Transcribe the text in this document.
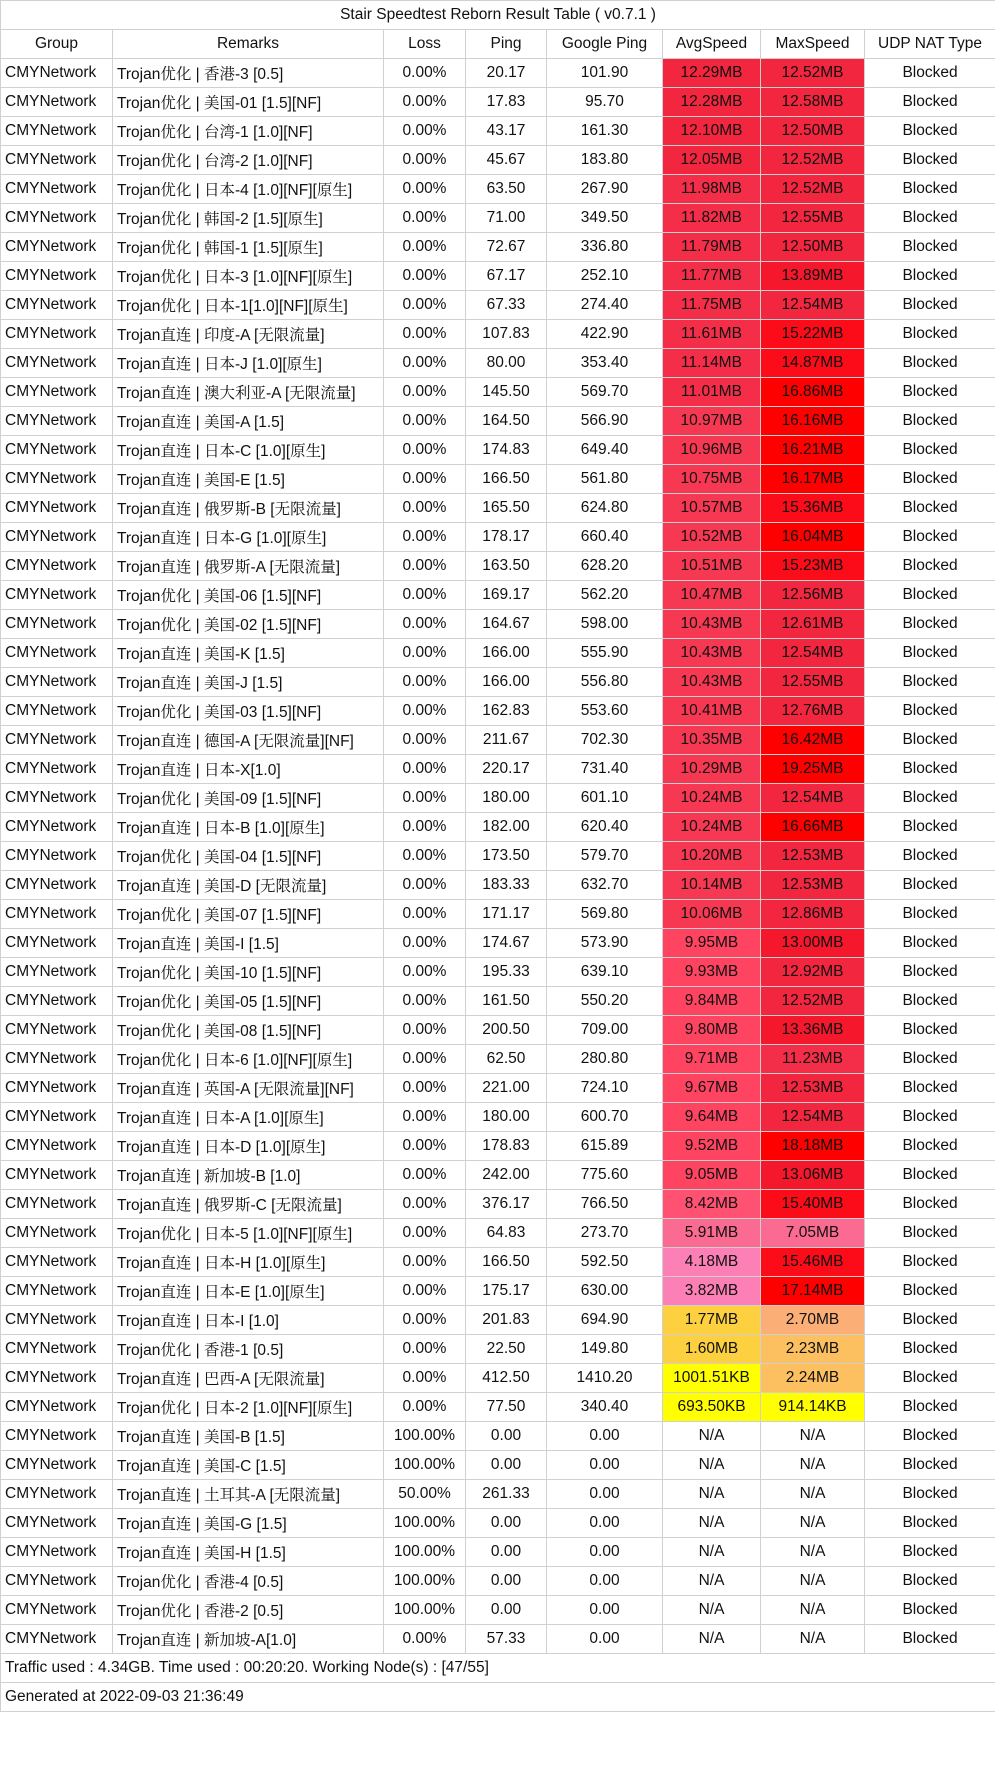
Stair Speedtest Reborn Result Table ( v0.7.1 )							
Group	Remarks	Loss	Ping	Google Ping	AvgSpeed	MaxSpeed	UDP NAT Type
CMYNetwork	Trojan优化 | 香港-3 [0.5]	0.00%	20.17	101.90	12.29MB	12.52MB	Blocked
CMYNetwork	Trojan优化 | 美国-01 [1.5][NF]	0.00%	17.83	95.70	12.28MB	12.58MB	Blocked
CMYNetwork	Trojan优化 | 台湾-1 [1.0][NF]	0.00%	43.17	161.30	12.10MB	12.50MB	Blocked
CMYNetwork	Trojan优化 | 台湾-2 [1.0][NF]	0.00%	45.67	183.80	12.05MB	12.52MB	Blocked
CMYNetwork	Trojan优化 | 日本-4 [1.0][NF][原生]	0.00%	63.50	267.90	11.98MB	12.52MB	Blocked
CMYNetwork	Trojan优化 | 韩国-2 [1.5][原生]	0.00%	71.00	349.50	11.82MB	12.55MB	Blocked
CMYNetwork	Trojan优化 | 韩国-1 [1.5][原生]	0.00%	72.67	336.80	11.79MB	12.50MB	Blocked
CMYNetwork	Trojan优化 | 日本-3 [1.0][NF][原生]	0.00%	67.17	252.10	11.77MB	13.89MB	Blocked
CMYNetwork	Trojan优化 | 日本-1[1.0][NF][原生]	0.00%	67.33	274.40	11.75MB	12.54MB	Blocked
CMYNetwork	Trojan直连 | 印度-A [无限流量]	0.00%	107.83	422.90	11.61MB	15.22MB	Blocked
CMYNetwork	Trojan直连 | 日本-J [1.0][原生]	0.00%	80.00	353.40	11.14MB	14.87MB	Blocked
CMYNetwork	Trojan直连 | 澳大利亚-A [无限流量]	0.00%	145.50	569.70	11.01MB	16.86MB	Blocked
CMYNetwork	Trojan直连 | 美国-A [1.5]	0.00%	164.50	566.90	10.97MB	16.16MB	Blocked
CMYNetwork	Trojan直连 | 日本-C [1.0][原生]	0.00%	174.83	649.40	10.96MB	16.21MB	Blocked
CMYNetwork	Trojan直连 | 美国-E [1.5]	0.00%	166.50	561.80	10.75MB	16.17MB	Blocked
CMYNetwork	Trojan直连 | 俄罗斯-B [无限流量]	0.00%	165.50	624.80	10.57MB	15.36MB	Blocked
CMYNetwork	Trojan直连 | 日本-G [1.0][原生]	0.00%	178.17	660.40	10.52MB	16.04MB	Blocked
CMYNetwork	Trojan直连 | 俄罗斯-A [无限流量]	0.00%	163.50	628.20	10.51MB	15.23MB	Blocked
CMYNetwork	Trojan优化 | 美国-06 [1.5][NF]	0.00%	169.17	562.20	10.47MB	12.56MB	Blocked
CMYNetwork	Trojan优化 | 美国-02 [1.5][NF]	0.00%	164.67	598.00	10.43MB	12.61MB	Blocked
CMYNetwork	Trojan直连 | 美国-K [1.5]	0.00%	166.00	555.90	10.43MB	12.54MB	Blocked
CMYNetwork	Trojan直连 | 美国-J [1.5]	0.00%	166.00	556.80	10.43MB	12.55MB	Blocked
CMYNetwork	Trojan优化 | 美国-03 [1.5][NF]	0.00%	162.83	553.60	10.41MB	12.76MB	Blocked
CMYNetwork	Trojan直连 | 德国-A [无限流量][NF]	0.00%	211.67	702.30	10.35MB	16.42MB	Blocked
CMYNetwork	Trojan直连 | 日本-X[1.0]	0.00%	220.17	731.40	10.29MB	19.25MB	Blocked
CMYNetwork	Trojan优化 | 美国-09 [1.5][NF]	0.00%	180.00	601.10	10.24MB	12.54MB	Blocked
CMYNetwork	Trojan直连 | 日本-B [1.0][原生]	0.00%	182.00	620.40	10.24MB	16.66MB	Blocked
CMYNetwork	Trojan优化 | 美国-04 [1.5][NF]	0.00%	173.50	579.70	10.20MB	12.53MB	Blocked
CMYNetwork	Trojan直连 | 美国-D [无限流量]	0.00%	183.33	632.70	10.14MB	12.53MB	Blocked
CMYNetwork	Trojan优化 | 美国-07 [1.5][NF]	0.00%	171.17	569.80	10.06MB	12.86MB	Blocked
CMYNetwork	Trojan直连 | 美国-I [1.5]	0.00%	174.67	573.90	9.95MB	13.00MB	Blocked
CMYNetwork	Trojan优化 | 美国-10 [1.5][NF]	0.00%	195.33	639.10	9.93MB	12.92MB	Blocked
CMYNetwork	Trojan优化 | 美国-05 [1.5][NF]	0.00%	161.50	550.20	9.84MB	12.52MB	Blocked
CMYNetwork	Trojan优化 | 美国-08 [1.5][NF]	0.00%	200.50	709.00	9.80MB	13.36MB	Blocked
CMYNetwork	Trojan优化 | 日本-6 [1.0][NF][原生]	0.00%	62.50	280.80	9.71MB	11.23MB	Blocked
CMYNetwork	Trojan直连 | 英国-A [无限流量][NF]	0.00%	221.00	724.10	9.67MB	12.53MB	Blocked
CMYNetwork	Trojan直连 | 日本-A [1.0][原生]	0.00%	180.00	600.70	9.64MB	12.54MB	Blocked
CMYNetwork	Trojan直连 | 日本-D [1.0][原生]	0.00%	178.83	615.89	9.52MB	18.18MB	Blocked
CMYNetwork	Trojan直连 | 新加坡-B [1.0]	0.00%	242.00	775.60	9.05MB	13.06MB	Blocked
CMYNetwork	Trojan直连 | 俄罗斯-C [无限流量]	0.00%	376.17	766.50	8.42MB	15.40MB	Blocked
CMYNetwork	Trojan优化 | 日本-5 [1.0][NF][原生]	0.00%	64.83	273.70	5.91MB	7.05MB	Blocked
CMYNetwork	Trojan直连 | 日本-H [1.0][原生]	0.00%	166.50	592.50	4.18MB	15.46MB	Blocked
CMYNetwork	Trojan直连 | 日本-E [1.0][原生]	0.00%	175.17	630.00	3.82MB	17.14MB	Blocked
CMYNetwork	Trojan直连 | 日本-I [1.0]	0.00%	201.83	694.90	1.77MB	2.70MB	Blocked
CMYNetwork	Trojan优化 | 香港-1 [0.5]	0.00%	22.50	149.80	1.60MB	2.23MB	Blocked
CMYNetwork	Trojan直连 | 巴西-A [无限流量]	0.00%	412.50	1410.20	1001.51KB	2.24MB	Blocked
CMYNetwork	Trojan优化 | 日本-2 [1.0][NF][原生]	0.00%	77.50	340.40	693.50KB	914.14KB	Blocked
CMYNetwork	Trojan直连 | 美国-B [1.5]	100.00%	0.00	0.00	N/A	N/A	Blocked
CMYNetwork	Trojan直连 | 美国-C [1.5]	100.00%	0.00	0.00	N/A	N/A	Blocked
CMYNetwork	Trojan直连 | 土耳其-A [无限流量]	50.00%	261.33	0.00	N/A	N/A	Blocked
CMYNetwork	Trojan直连 | 美国-G [1.5]	100.00%	0.00	0.00	N/A	N/A	Blocked
CMYNetwork	Trojan直连 | 美国-H [1.5]	100.00%	0.00	0.00	N/A	N/A	Blocked
CMYNetwork	Trojan优化 | 香港-4 [0.5]	100.00%	0.00	0.00	N/A	N/A	Blocked
CMYNetwork	Trojan优化 | 香港-2 [0.5]	100.00%	0.00	0.00	N/A	N/A	Blocked
CMYNetwork	Trojan直连 | 新加坡-A[1.0]	0.00%	57.33	0.00	N/A	N/A	Blocked
Traffic used : 4.34GB. Time used : 00:20:20. Working Node(s) : [47/55]							
Generated at 2022-09-03 21:36:49							
